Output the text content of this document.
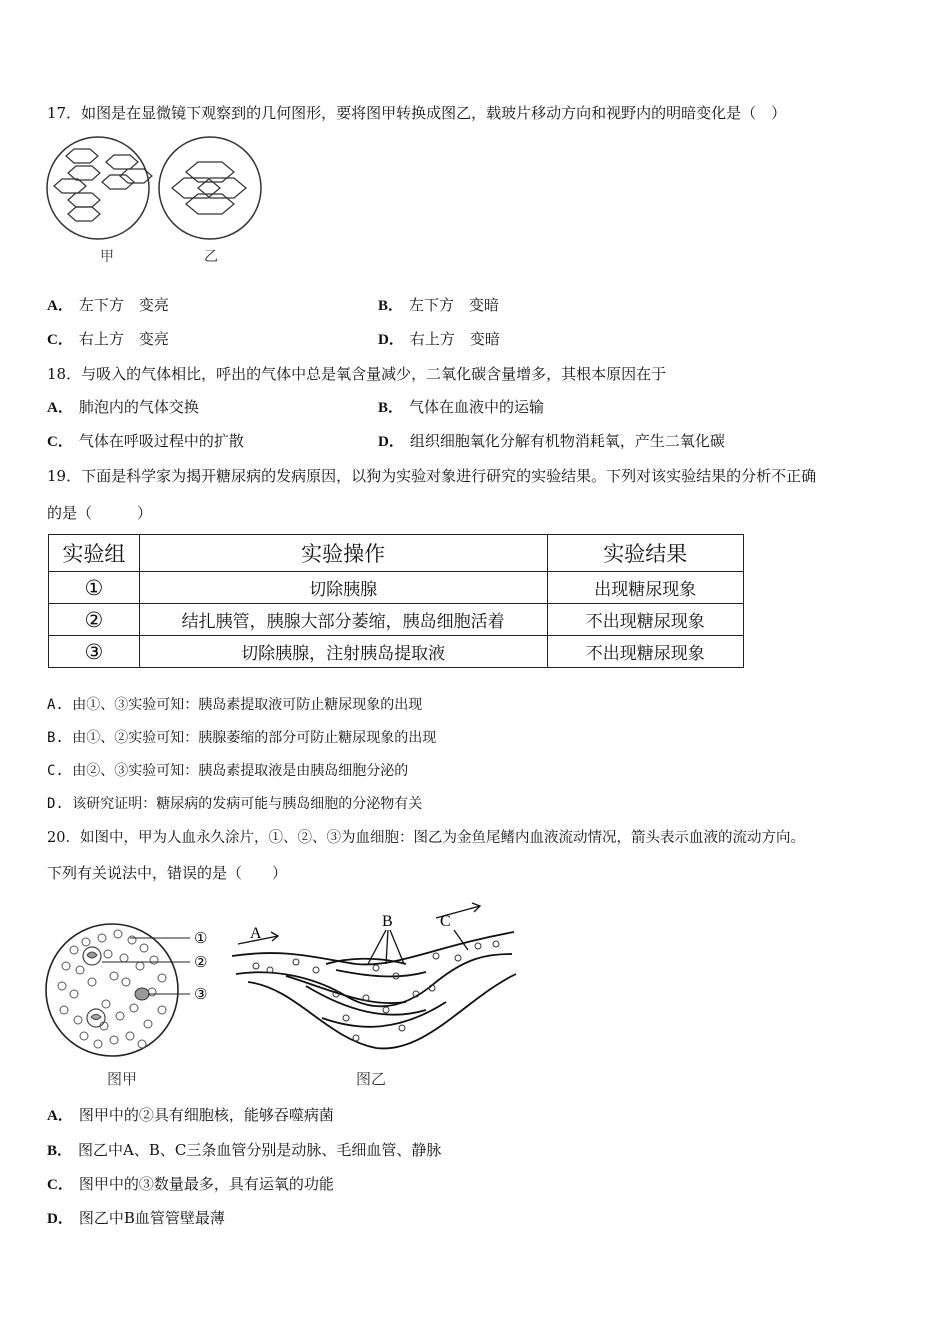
17．如图是在显微镜下观察到的几何图形，要将图甲转换成图乙，载玻片移动方向和视野内的明暗变化是（　）
甲	乙
A． 左下方　变亮	B． 左下方　变暗
C． 右上方　变亮	D． 右上方　变暗
18．与吸入的气体相比，呼出的气体中总是氧含量减少，二氧化碳含量增多，其根本原因在于
A． 肺泡内的气体交换	B． 气体在血液中的运输
C． 气体在呼吸过程中的扩散	D． 组织细胞氧化分解有机物消耗氧，产生二氧化碳
19．下面是科学家为揭开糖尿病的发病原因，以狗为实验对象进行研究的实验结果。下列对该实验结果的分析不正确
的是（　　　）
实验组	实验操作	实验结果
①	切除胰腺	出现糖尿现象
②	结扎胰管，胰腺大部分萎缩，胰岛细胞活着	不出现糖尿现象
③	切除胰腺，注射胰岛提取液	不出现糖尿现象
A. 由①、③实验可知：胰岛素提取液可防止糖尿现象的出现
B. 由①、②实验可知：胰腺萎缩的部分可防止糖尿现象的出现
C. 由②、③实验可知：胰岛素提取液是由胰岛细胞分泌的
D. 该研究证明：糖尿病的发病可能与胰岛细胞的分泌物有关
20．如图中，甲为人血永久涂片，①、②、③为血细胞：图乙为金鱼尾鳍内血液流动情况，箭头表示血液的流动方向。
下列有关说法中，错误的是（　　）
①
②
③
图甲
A
B	C
图乙
A． 图甲中的②具有细胞核，能够吞噬病菌
B． 图乙中A、B、C三条血管分别是动脉、毛细血管、静脉
C． 图甲中的③数量最多，具有运氧的功能
D． 图乙中B血管管壁最薄
